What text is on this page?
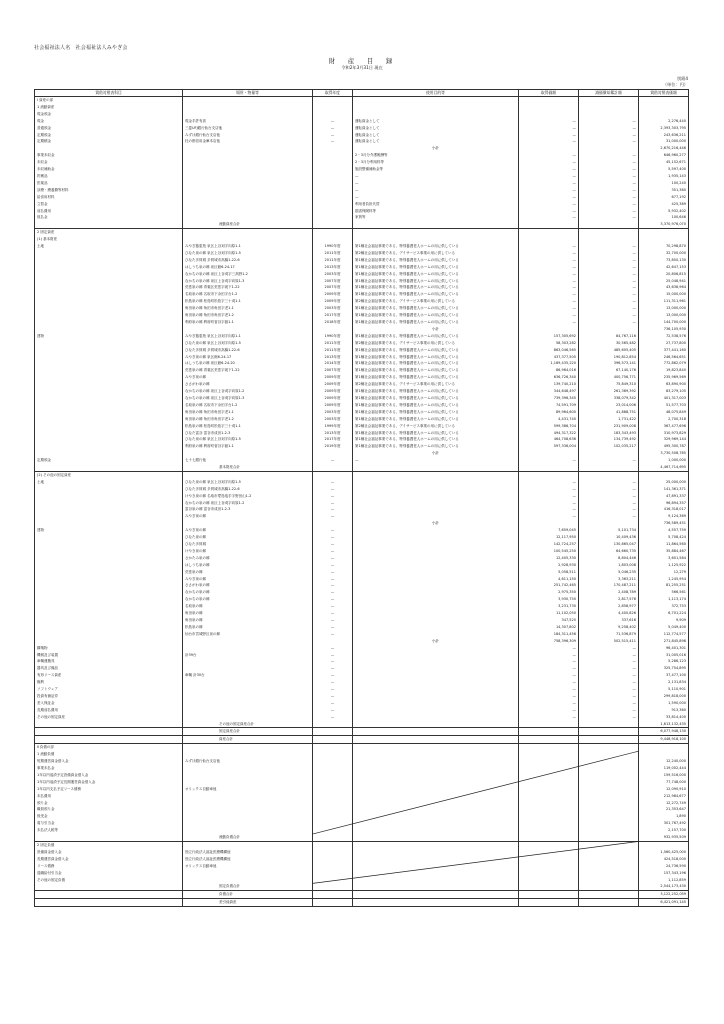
社会福祉法人名　社会福祉法人みやぎ会
財　産　目　録
令和2年3月31日 現在
別紙4
（単位：円）
貸借対照表科目	場所・物量等	取得年度	使用目的等	取得価額	減価償却累計額	貸借対照表価額
Ⅰ 資産の部						
1 流動資産						
現金預金						
現金	現金手許有高	—	運転資金として	—	—	2,276,440
普通預金	三菱UFJ銀行仙台支店他	—	運転資金として	—	—	2,393,303,795
定期預金	みずほ銀行仙台支店他	—	運転資金として	—	—	243,636,211
定期積金	杜の都信用金庫本店他	—	運転資金として	—	—	31,000,000
			小計			2,670,216,446
事業未収金			2・3月分介護報酬等	—	—	646,960,277
未収金			2・3月分利用料等	—	—	45,152,671
未収補助金			施設整備補助金等	—	—	5,597,400
貯蔵品			—	—	—	1,935,143
医薬品			—	—	—	100,240
診療・療養費等材料			—	—	—	351,380
給食用材料			—	—	—	677,192
立替金			利用者負担代替	—	—	425,389
前払費用			損害保険料等	—	—	5,932,402
仮払金			家賃等	—	—	100,646
	流動資産合計					3,370,976,070
2 固定資産						
(1) 基本財産						
土地	みやぎ慈恵苑 泉区上谷刈字向原1-1	1990年度	第1種社会福祉事業である、特別養護老人ホームの用に供している	—	—	70,298,870
	ひなた泉の郷 泉区上谷刈字向原1-5	2011年度	第2種社会福祉事業である、デイサービス事業の用に供している	—	—	32,700,000
	ひなた多賀城 多賀城市高橋1-22-6	2011年度	第1種社会福祉事業である、特別養護老人ホームの用に供している	—	—	73,850,130
	はしうち泉の郷 泉区館6-24-17	2013年度	第1種社会福祉事業である、特別養護老人ホームの用に供している	—	—	42,647,153
	なかちの泉の郷 泉区上谷刈字三高野1-2	2003年度	第1種社会福祉事業である、特別養護老人ホームの用に供している	—	—	20,806,815
	なかちの泉の郷 泉区上谷刈字向原1-3	2007年度	第1種社会福祉事業である、特別養護老人ホームの用に供している	—	—	25,048,941
	荒巻泉の郷 青葉区荒巻字坂下1-22	2007年度	第1種社会福祉事業である、特別養護老人ホームの用に供している	—	—	43,636,964
	名取泉の郷 名取市下余田字台1-2	2009年度	第1種社会福祉事業である、特別養護老人ホームの用に供している	—	—	15,000,000
	松島泉の郷 松島町松島字三十刈1-1	2009年度	第2種社会福祉事業である、デイサービス事業の用に供している	—	—	111,311,961
	角田泉の郷 角田市角田字老1-1	2003年度	第1種社会福祉事業である、特別養護老人ホームの用に供している	—	—	13,000,000
	角田泉の郷 角田市角田字老1-2	2017年度	第1種社会福祉事業である、特別養護老人ホームの用に供している	—	—	13,000,000
	利府泉の郷 利府町菅谷字舘1-1	2018年度	第1種社会福祉事業である、特別養護老人ホームの用に供している	—	—	144,700,000
			小計			736,105,930
建物	みやぎ慈恵苑 泉区上谷刈字向原1-1	1990年度	第1種社会福祉事業である、特別養護老人ホームの用に供している	157,305,692	84,767,116	72,538,576
	ひなた泉の郷 泉区上谷刈字向原1-5	2011年度	第2種社会福祉事業である、デイサービス事業の用に供している	58,303,282	30,565,482	27,737,800
	ひなた多賀城 多賀城市高橋1-22-6	2011年度	第1種社会福祉事業である、特別養護老人ホームの用に供している	863,046,565	485,605,405	377,441,160
	みやぎ泉の郷 泉区館6-24-17	2013年度	第1種社会福祉事業である、特別養護老人ホームの用に供している	437,377,505	190,812,854	246,564,651
	はしうち泉の郷 泉区館6-24-20	2014年度	第1種社会福祉事業である、特別養護老人ホームの用に供している	1,169,435,220	396,573,141	772,862,079
	荒巻泉の郷 青葉区荒巻字坂下1-22	2007年度	第1種社会福祉事業である、特別養護老人ホームの用に供している	86,964,016	67,140,176	19,823,840
	みやぎ泉の郷	2009年度	第1種社会福祉事業である、特別養護老人ホームの用に供している	636,726,340	400,756,771	235,969,569
	ささがわ泉の郷	2009年度	第2種社会福祉事業である、デイサービス事業の用に供している	139,740,210	75,849,310	63,890,900
	なかちの泉の郷 泉区上谷刈字向原1-2	2009年度	第1種社会福祉事業である、特別養護老人ホームの用に供している	344,648,497	261,369,392	83,279,105
	なかちの泉の郷 泉区上谷刈字向原1-3	2009年度	第1種社会福祉事業である、特別養護老人ホームの用に供している	739,396,345	338,079,342	401,317,003
	名取泉の郷 名取市下余田字台1-2	2009年度	第1種社会福祉事業である、特別養護老人ホームの用に供している	74,591,709	23,014,006	51,577,703
	角田泉の郷 角田市角田字老1-1	2003年度	第1種社会福祉事業である、特別養護老人ホームの用に供している	89,964,600	41,888,751	48,075,849
	角田泉の郷 角田市角田字老1-2	2003年度	第1種社会福祉事業である、特別養護老人ホームの用に供している	4,431,740	1,731,422	2,700,318
	松島泉の郷 松島町松島字三十刈1-1	1999年度	第2種社会福祉事業である、デイサービス事業の用に供している	599,386,704	231,909,008	367,477,696
	ひなた富谷 富谷市成田1-2-3	2013年度	第1種社会福祉事業である、特別養護老人ホームの用に供している	494,317,322	183,343,493	310,973,829
	ひなた泉の郷 泉区上谷刈字向原1-5	2017年度	第1種社会福祉事業である、特別養護老人ホームの用に供している	464,708,636	134,739,492	329,969,144
	利府泉の郷 利府町菅谷字舘1-1	2019年度	第1種社会福祉事業である、特別養護老人ホームの用に供している	597,336,004	102,035,217	495,300,787
			小計			3,730,508,765
定期預金	七十七銀行他	—	—	—	—	1,000,000
	基本財産合計					4,467,714,695
(2) その他の固定資産						
土地	ひなた泉の郷 泉区上谷刈字向原1-5	—		—	—	25,000,000
	ひなた多賀城 多賀城市高橋1-22-6	—		—	—	141,361,371
	けやき泉の郷 名取市愛島塩手字野田山1-2	—		—	—	47,891,337
	なかちの泉の郷 泉区上谷刈字向原1-2	—		—	—	96,894,357
	富谷泉の郷 富谷市成田1-2-3	—		—	—	416,318,017
	みやぎ泉の郷	—		—	—	9,124,369
			小計			736,589,451
建物	みやぎ泉の郷	—		7,659,045	5,101,734	4,557,759
	ひなた泉の郷	—		12,117,950	10,409,436	5,708,424
	ひなた多賀城	—		142,724,257	130,865,047	11,864,560
	けやき泉の郷	—		100,545,250	64,660,735	35,884,467
	さかたみ泉の郷	—		12,405,330	8,804,446	3,601,584
	はしうち泉の郷	—		2,928,930	1,803,008	1,125,922
	荒巻泉の郷	—		5,058,511	5,046,235	12,279
	みやぎ泉の郷	—		4,611,150	3,363,211	1,245,954
	ささがわ泉の郷	—		251,742,465	170,487,211	81,255,251
	なかちの泉の郷	—		2,975,350	2,408,789	566,561
	なかちの泉の郷	—		3,930,750	2,817,576	1,113,174
	名取泉の郷	—		3,231,730	2,858,977	372,753
	角田泉の郷	—		11,102,050	4,400,826	6,701,224
	角田泉の郷	—		347,525	337,616	9,909
	松島泉の郷	—		14,307,802	9,258,402	5,049,400
	仙台市宮城野区泉の郷	—		184,311,456	71,536,879	112,774,577
			小計	758,396,309	502,515,411	271,845,898
構築物		—		—	—	96,401,301
機械及び装置	計39台	—		—	—	31,005,016
車輌運搬具		—		—	—	5,286,123
器具及び備品		—		—	—	325,754,895
有形リース資産	車輌 計30台	—		—	—	37,477,100
権利		—		—	—	2,131,834
ソフトウェア		—		—	—	5,110,901
投資有価証券		—		—	—	299,818,000
差入保証金		—		—	—	1,590,000
長期前払費用		—		—	—	913,360
その他の固定資産		—		—	—	33,814,400
	その他の固定資産合計					1,613,132,435
	固定資産合計					6,077,948,130
	資産合計					9,448,918,100
Ⅱ 負債の部						
1 流動負債						
短期運営資金借入金	みずほ銀行仙台支店他					12,240,000
事業未払金						119,002,444
1年以内返済予定設備資金借入金						159,516,000
1年以内返済予定長期運営資金借入金						77,748,000
1年以内支払予定リース債務	オリックス自動車他					12,090,910
未払費用						212,984,677
預り金						12,272,749
職員預り金						21,353,647
仮受金						1,890
賞与引当金						301,767,492
未払法人税等						2,157,700
	流動負債合計					932,935,509
2 固定負債						
設備資金借入金	独立行政法人福祉医療機構他					1,560,425,000
長期運営資金借入金	独立行政法人福祉医療機構他					424,518,000
リース債務	オリックス自動車他					24,736,590
退職給付引当金						157,343,196
その他の固定負債						1,112,859
	固定負債合計					2,544,173,430
	負債合計					3,122,252,059
	差引純資産					6,421,091,145
